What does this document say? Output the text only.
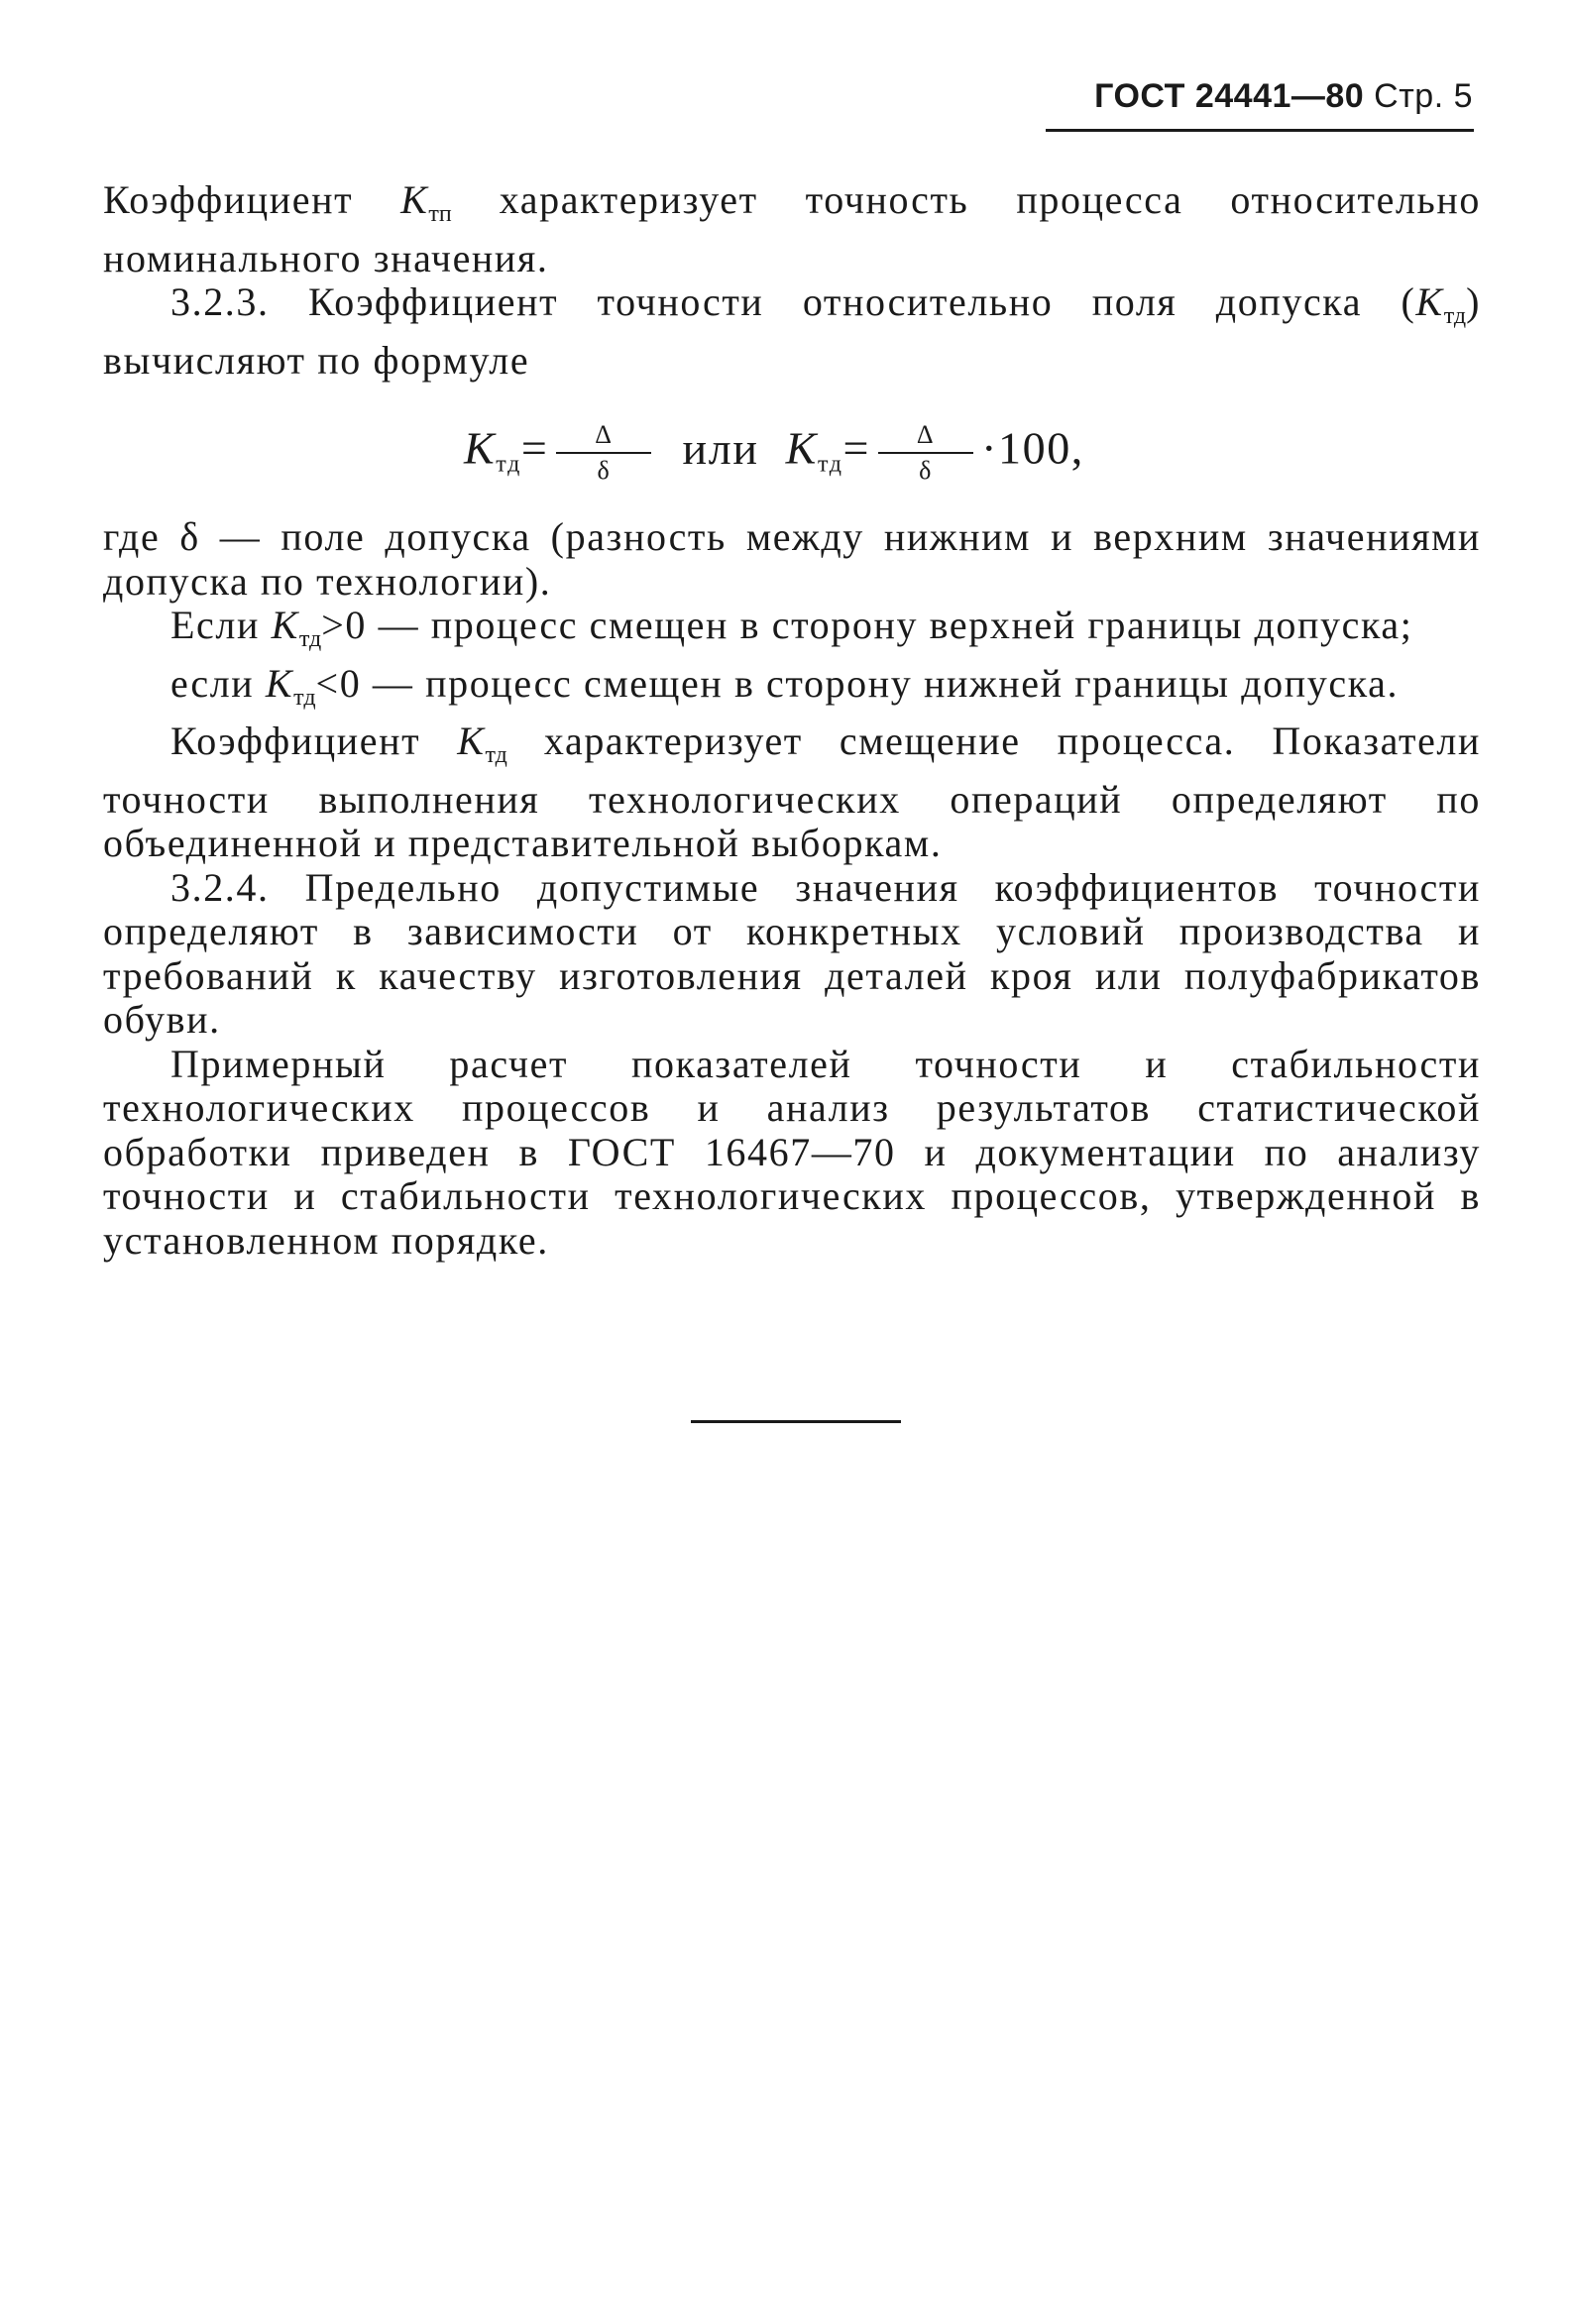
ГОСТ 24441—80 Стр. 5

Коэффициент $K_{тп}$ характеризует точность процесса относительно номинального значения.

3.2.3. Коэффициент точности относительно поля допуска $(K_{тд})$ вычисляют по формуле

$K_{тд}= \frac{\Delta}{\delta}$ или $K_{тд}= \frac{\Delta}{\delta} \cdot 100$,

где δ — поле допуска (разность между нижним и верхним значениями допуска по технологии).

Если $K_{тд}>0$ — процесс смещен в сторону верхней границы допуска;

если $K_{тд}<0$ — процесс смещен в сторону нижней границы допуска.

Коэффициент $K_{тд}$ характеризует смещение процесса. Показатели точности выполнения технологических операций определяют по объединенной и представительной выборкам.

3.2.4. Предельно допустимые значения коэффициентов точности определяют в зависимости от конкретных условий производства и требований к качеству изготовления деталей кроя или полуфабрикатов обуви.

Примерный расчет показателей точности и стабильности технологических процессов и анализ результатов статистической обработки приведен в ГОСТ 16467—70 и документации по анализу точности и стабильности технологических процессов, утвержденной в установленном порядке.
